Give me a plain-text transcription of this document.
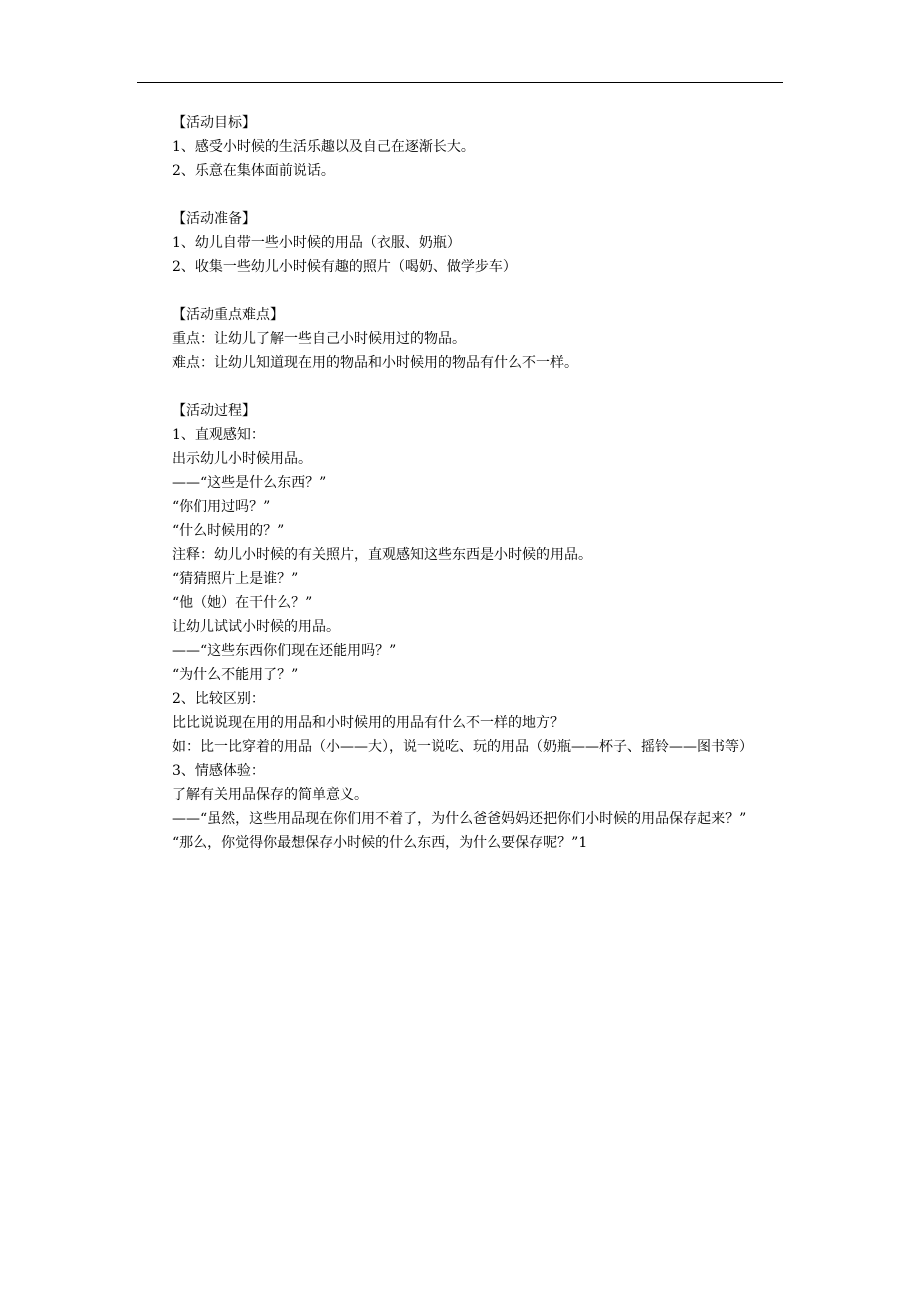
【活动目标】

1、感受小时候的生活乐趣以及自己在逐渐长大。

2、乐意在集体面前说话。

【活动准备】

1、幼儿自带一些小时候的用品（衣服、奶瓶）

2、收集一些幼儿小时候有趣的照片（喝奶、做学步车）

【活动重点难点】

重点：让幼儿了解一些自己小时候用过的物品。

难点：让幼儿知道现在用的物品和小时候用的物品有什么不一样。

【活动过程】

1、直观感知：

出示幼儿小时候用品。

——“这些是什么东西？”

“你们用过吗？”

“什么时候用的？”

注释：幼儿小时候的有关照片，直观感知这些东西是小时候的用品。

“猜猜照片上是谁？”

“他（她）在干什么？”

让幼儿试试小时候的用品。

——“这些东西你们现在还能用吗？”

“为什么不能用了？”

2、比较区别：

比比说说现在用的用品和小时候用的用品有什么不一样的地方？

如：比一比穿着的用品（小——大），说一说吃、玩的用品（奶瓶——杯子、摇铃——图书等）

3、情感体验：

了解有关用品保存的简单意义。

——“虽然，这些用品现在你们用不着了，为什么爸爸妈妈还把你们小时候的用品保存起来？”

“那么，你觉得你最想保存小时候的什么东西，为什么要保存呢？”1
